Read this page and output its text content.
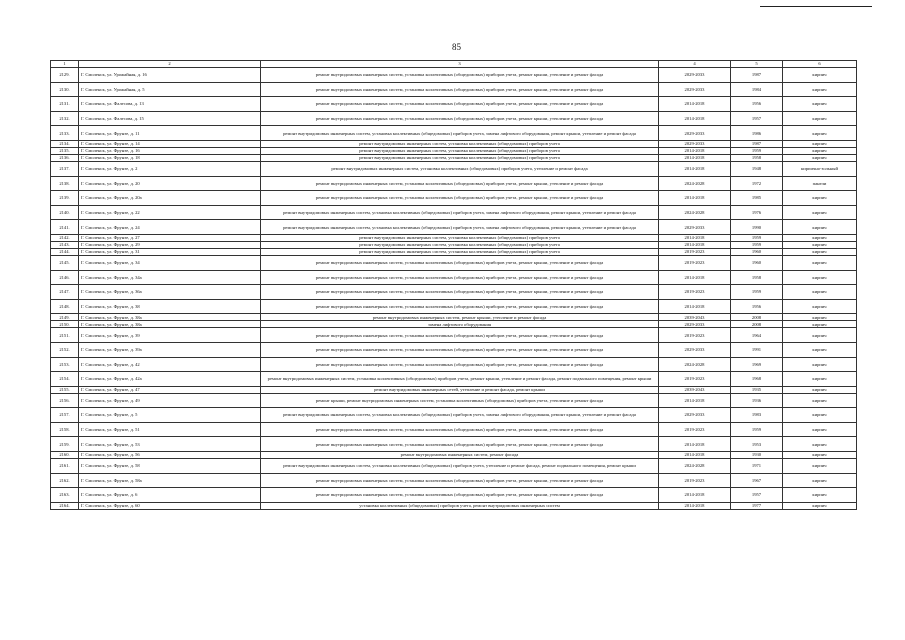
85
1	2	3	4	5	6
2129.	Г. Смоленск, ул. Урожайная, д. 16	ремонт внутридомовых инженерных систем, установка коллективных (общедомовых) приборов учета, ремонт крыши, утепление и ремонт фасада	2029-2033	1987	кирпич
2130.	Г. Смоленск, ул. Урожайная, д. 5	ремонт внутридомовых инженерных систем, установка коллективных (общедомовых) приборов учета, ремонт крыши, утепление и ремонт фасада	2029-2033	1984	кирпич
2131.	Г. Смоленск, ул. Фалесова, д. 13	ремонт внутридомовых инженерных систем, установка коллективных (общедомовых) приборов учета, ремонт крыши, утепление и ремонт фасада	2014-2018	1956	кирпич
2132.	Г. Смоленск, ул. Фалесова, д. 15	ремонт внутридомовых инженерных систем, установка коллективных (общедомовых) приборов учета, ремонт крыши, утепление и ремонт фасада	2014-2018	1957	кирпич
2133.	Г. Смоленск, ул. Фрунзе, д. 11	ремонт внутридомовых инженерных систем, установка коллективных (общедомовых) приборов учета, замена лифтового оборудования, ремонт крыши, утепление и ремонт фасада	2029-2033	1986	кирпич
2134.	Г. Смоленск, ул. Фрунзе, д. 14	ремонт внутридомовых инженерных систем, установка коллективных (общедомовых) приборов учета	2029-2033	1987	кирпич
2135.	Г. Смоленск, ул. Фрунзе, д. 16	ремонт внутридомовых инженерных систем, установка коллективных (общедомовых) приборов учета	2014-2018	1959	кирпич
2136.	Г. Смоленск, ул. Фрунзе, д. 18	ремонт внутридомовых инженерных систем, установка коллективных (общедомовых) приборов учета	2014-2018	1958	кирпич
2137.	Г. Смоленск, ул. Фрунзе, д. 2	ремонт внутридомовых инженерных систем, установка коллективных (общедомовых) приборов учета, утепление и ремонт фасада	2014-2018	1948	кирпично-зольный
2138.	Г. Смоленск, ул. Фрунзе, д. 20	ремонт внутридомовых инженерных систем, установка коллективных (общедомовых) приборов учета, ремонт крыши, утепление и ремонт фасада	2024-2028	1972	панели
2139.	Г. Смоленск, ул. Фрунзе, д. 20а	ремонт внутридомовых инженерных систем, установка коллективных (общедомовых) приборов учета, ремонт крыши, утепление и ремонт фасада	2014-2018	1985	кирпич
2140.	Г. Смоленск, ул. Фрунзе, д. 22	ремонт внутридомовых инженерных систем, установка коллективных (общедомовых) приборов учета, замена лифтового оборудования, ремонт крыши, утепление и ремонт фасада	2024-2028	1976	кирпич
2141.	Г. Смоленск, ул. Фрунзе, д. 24	ремонт внутридомовых инженерных систем, установка коллективных (общедомовых) приборов учета, замена лифтового оборудования, ремонт крыши, утепление и ремонт фасада	2029-2033	1990	кирпич
2142.	Г. Смоленск, ул. Фрунзе, д. 27	ремонт внутридомовых инженерных систем, установка коллективных (общедомовых) приборов учета	2014-2018	1959	кирпич
2143.	Г. Смоленск, ул. Фрунзе, д. 29	ремонт внутридомовых инженерных систем, установка коллективных (общедомовых) приборов учета	2014-2018	1959	кирпич
2144.	Г. Смоленск, ул. Фрунзе, д. 31	ремонт внутридомовых инженерных систем, установка коллективных (общедомовых) приборов учета	2019-2023	1960	кирпич
2145.	Г. Смоленск, ул. Фрунзе, д. 34	ремонт внутридомовых инженерных систем, установка коллективных (общедомовых) приборов учета, ремонт крыши, утепление и ремонт фасада	2019-2023	1960	кирпич
2146.	Г. Смоленск, ул. Фрунзе, д. 34а	ремонт внутридомовых инженерных систем, установка коллективных (общедомовых) приборов учета, ремонт крыши, утепление и ремонт фасада	2014-2018	1958	кирпич
2147.	Г. Смоленск, ул. Фрунзе, д. 36а	ремонт внутридомовых инженерных систем, установка коллективных (общедомовых) приборов учета, ремонт крыши, утепление и ремонт фасада	2019-2023	1959	кирпич
2148.	Г. Смоленск, ул. Фрунзе, д. 38	ремонт внутридомовых инженерных систем, установка коллективных (общедомовых) приборов учета, ремонт крыши, утепление и ремонт фасада	2014-2018	1956	кирпич
2149.	Г. Смоленск, ул. Фрунзе, д. 38а	ремонт внутридомовых инженерных систем, ремонт крыши, утепление и ремонт фасада	2039-2043	2008	кирпич
2150.	Г. Смоленск, ул. Фрунзе, д. 38а	замена лифтового оборудования	2029-2033	2008	кирпич
2151.	Г. Смоленск, ул. Фрунзе, д. 39	ремонт внутридомовых инженерных систем, установка коллективных (общедомовых) приборов учета, ремонт крыши, утепление и ремонт фасада	2019-2023	1964	кирпич
2152.	Г. Смоленск, ул. Фрунзе, д. 39а	ремонт внутридомовых инженерных систем, установка коллективных (общедомовых) приборов учета, ремонт крыши, утепление и ремонт фасада	2029-2033	1991	кирпич
2153.	Г. Смоленск, ул. Фрунзе, д. 42	ремонт внутридомовых инженерных систем, установка коллективных (общедомовых) приборов учета, ремонт крыши, утепление и ремонт фасада	2024-2028	1969	кирпич
2154.	Г. Смоленск, ул. Фрунзе, д. 42а	ремонт внутридомовых инженерных систем, установка коллективных (общедомовых) приборов учета, ремонт крыши, утепление и ремонт фасада, ремонт подвального помещения, ремонт крыши	2019-2023	1968	кирпич
2155.	Г. Смоленск, ул. Фрунзе, д. 47	ремонт внутридомовых инженерных сетей, утепление и ремонт фасада, ремонт крыши	2039-2043	1935	кирпич
2156.	Г. Смоленск, ул. Фрунзе, д. 49	ремонт крыши, ремонт внутридомовых инженерных систем, установка коллективных (общедомовых) приборов учета, утепление и ремонт фасада	2014-2018	1936	кирпич
2157.	Г. Смоленск, ул. Фрунзе, д. 5	ремонт внутридомовых инженерных систем, установка коллективных (общедомовых) приборов учета, замена лифтового оборудования, ремонт крыши, утепление и ремонт фасада	2029-2033	1983	кирпич
2158.	Г. Смоленск, ул. Фрунзе, д. 51	ремонт внутридомовых инженерных систем, установка коллективных (общедомовых) приборов учета, ремонт крыши, утепление и ремонт фасада	2019-2023	1959	кирпич
2159.	Г. Смоленск, ул. Фрунзе, д. 53	ремонт внутридомовых инженерных систем, установка коллективных (общедомовых) приборов учета, ремонт крыши, утепление и ремонт фасада	2014-2018	1953	кирпич
2160.	Г. Смоленск, ул. Фрунзе, д. 56	ремонт внутридомовых инженерных систем, ремонт фасада	2014-2018	1930	кирпич
2161.	Г. Смоленск, ул. Фрунзе, д. 58	ремонт внутридомовых инженерных систем, установка коллективных (общедомовых) приборов учета, утепление и ремонт фасада, ремонт подвального помещения, ремонт крыши	2024-2028	1971	кирпич
2162.	Г. Смоленск, ул. Фрунзе, д. 58а	ремонт внутридомовых инженерных систем, установка коллективных (общедомовых) приборов учета, ремонт крыши, утепление и ремонт фасада	2019-2023	1967	кирпич
2163.	Г. Смоленск, ул. Фрунзе, д. 6	ремонт внутридомовых инженерных систем, установка коллективных (общедомовых) приборов учета, ремонт крыши, утепление и ремонт фасада	2014-2018	1957	кирпич
2164.	Г. Смоленск, ул. Фрунзе, д. 60	установка коллективных (общедомовых) приборов учета, ремонт внутридомовых инженерных систем	2014-2018	1977	кирпич
